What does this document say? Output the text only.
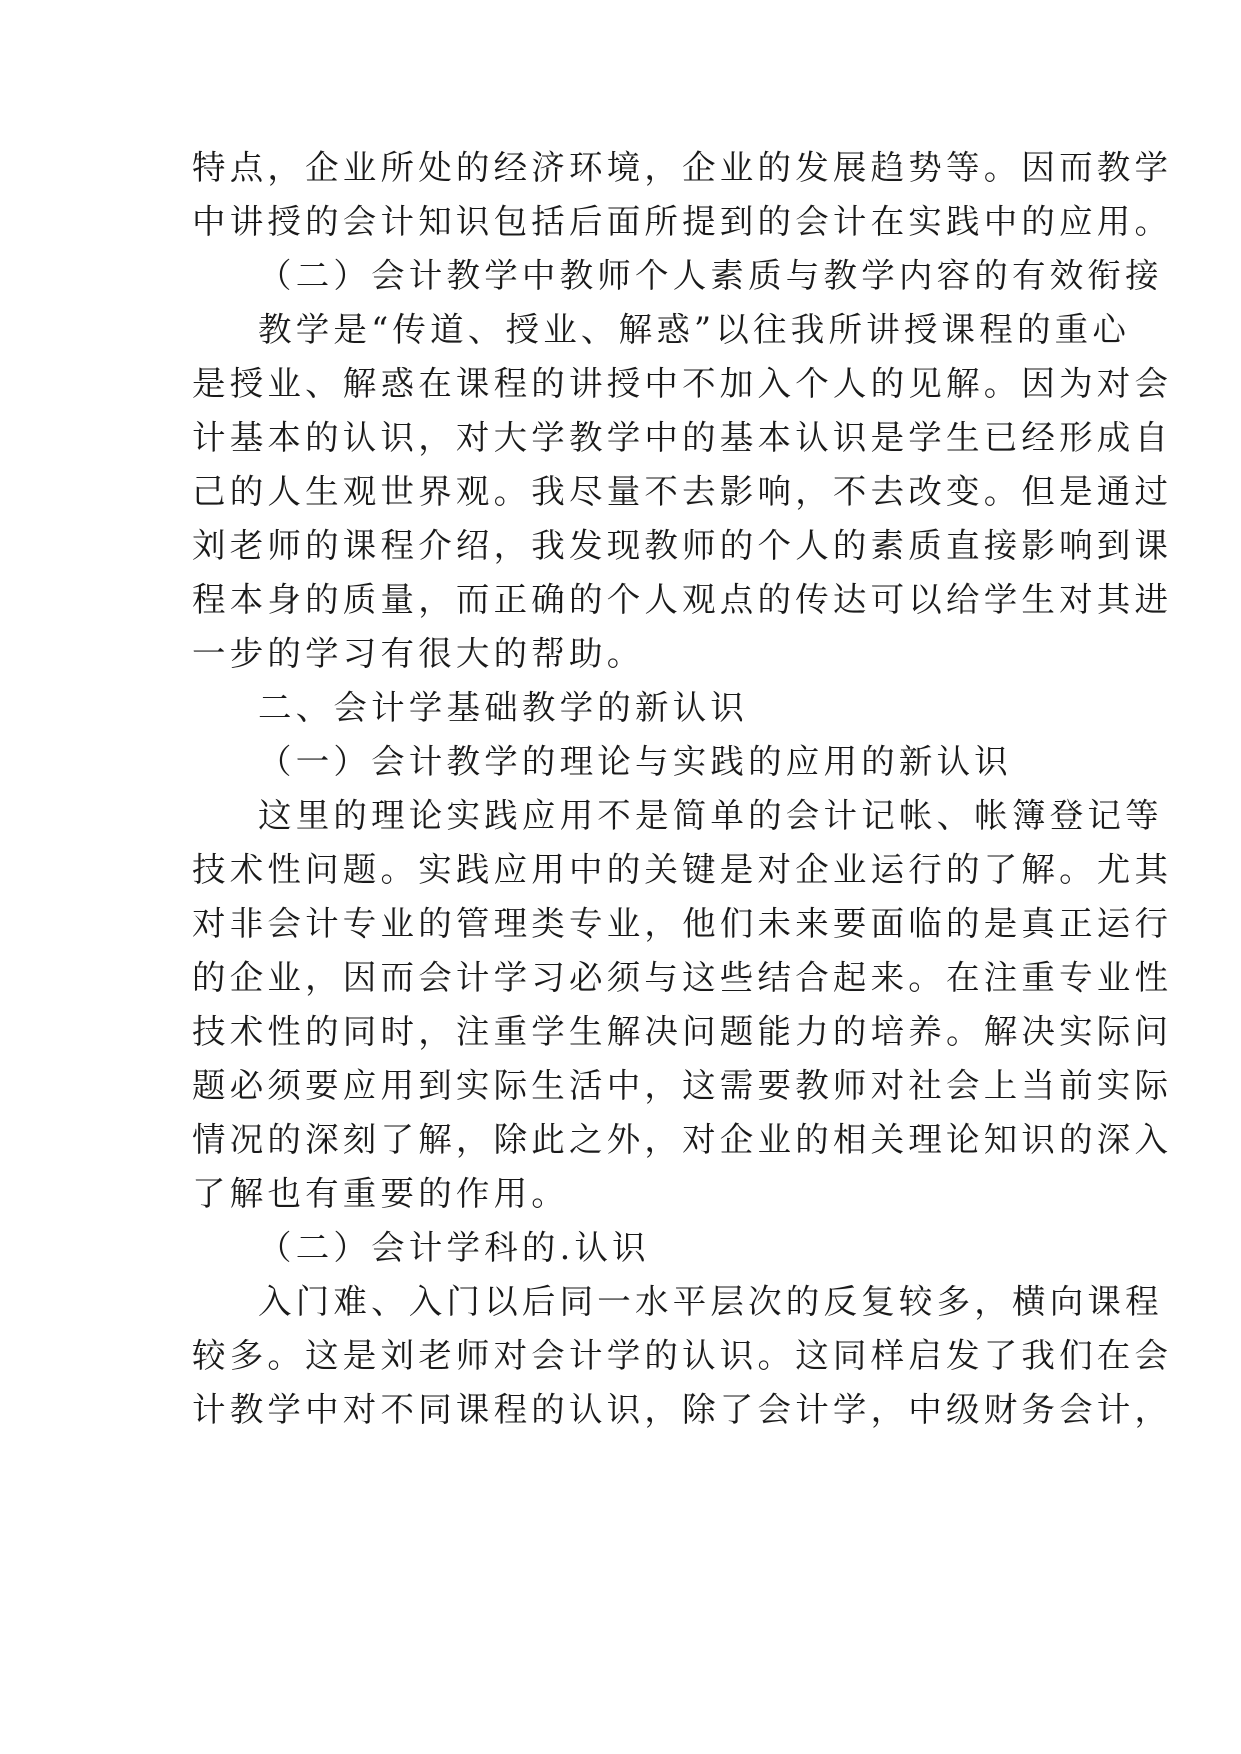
特点，企业所处的经济环境，企业的发展趋势等。因而教学
中讲授的会计知识包括后面所提到的会计在实践中的应用。
（二）会计教学中教师个人素质与教学内容的有效衔接
教学是“传道、授业、解惑”以往我所讲授课程的重心
是授业、解惑在课程的讲授中不加入个人的见解。因为对会
计基本的认识，对大学教学中的基本认识是学生已经形成自
己的人生观世界观。我尽量不去影响，不去改变。但是通过
刘老师的课程介绍，我发现教师的个人的素质直接影响到课
程本身的质量，而正确的个人观点的传达可以给学生对其进
一步的学习有很大的帮助。
二、会计学基础教学的新认识
（一）会计教学的理论与实践的应用的新认识
这里的理论实践应用不是简单的会计记帐、帐簿登记等
技术性问题。实践应用中的关键是对企业运行的了解。尤其
对非会计专业的管理类专业，他们未来要面临的是真正运行
的企业，因而会计学习必须与这些结合起来。在注重专业性
技术性的同时，注重学生解决问题能力的培养。解决实际问
题必须要应用到实际生活中，这需要教师对社会上当前实际
情况的深刻了解，除此之外，对企业的相关理论知识的深入
了解也有重要的作用。
（二）会计学科的.认识
入门难、入门以后同一水平层次的反复较多，横向课程
较多。这是刘老师对会计学的认识。这同样启发了我们在会
计教学中对不同课程的认识，除了会计学，中级财务会计，
